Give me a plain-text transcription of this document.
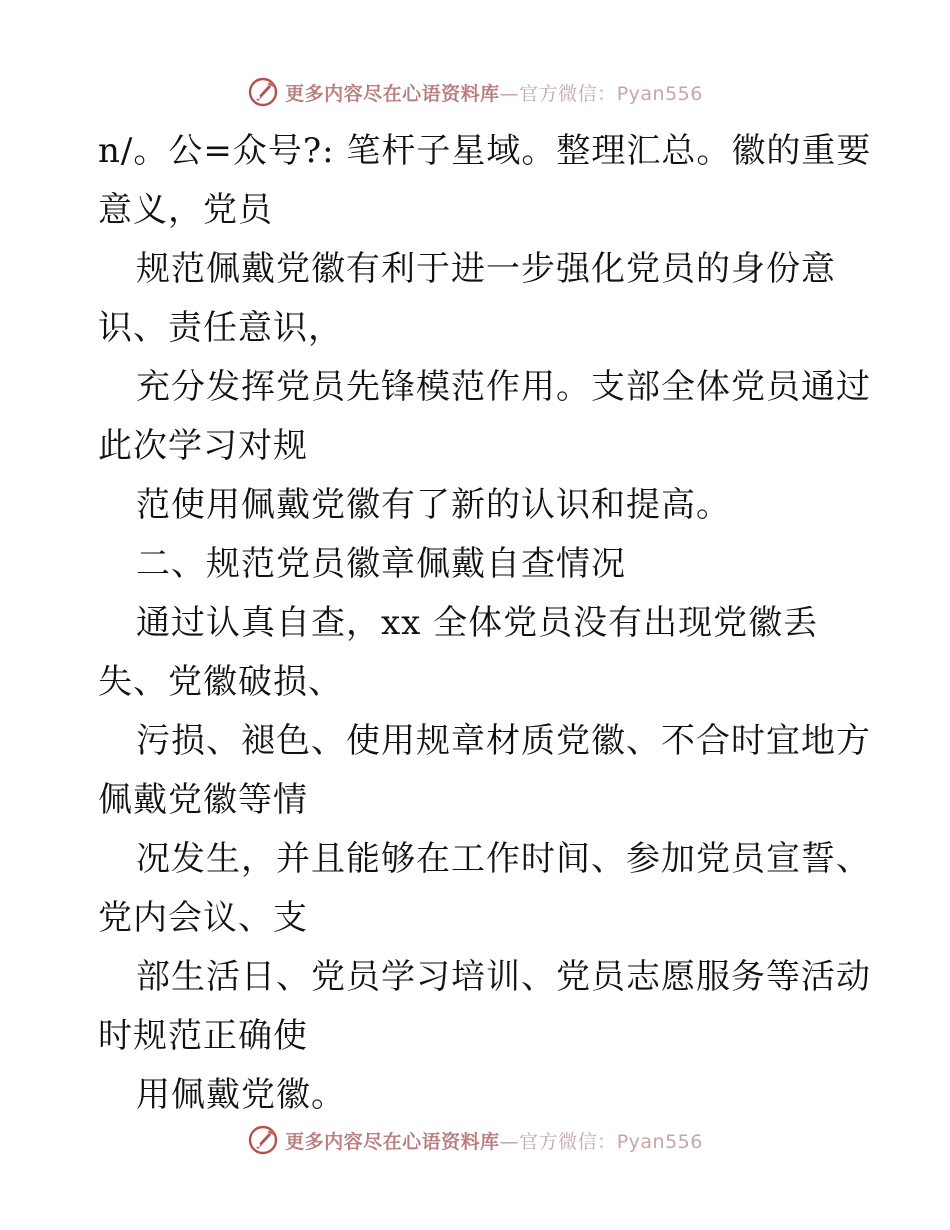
更多内容尽在心语资料库—官方微信：Pyan556
n/。公=众号?: 笔杆子星域。整理汇总。徽的重要
意义，党员
规范佩戴党徽有利于进一步强化党员的身份意
识、责任意识，
充分发挥党员先锋模范作用。支部全体党员通过
此次学习对规
范使用佩戴党徽有了新的认识和提高。
二、规范党员徽章佩戴自查情况
通过认真自查，xx 全体党员没有出现党徽丢
失、党徽破损、
污损、褪色、使用规章材质党徽、不合时宜地方
佩戴党徽等情
况发生，并且能够在工作时间、参加党员宣誓、
党内会议、支
部生活日、党员学习培训、党员志愿服务等活动
时规范正确使
用佩戴党徽。
更多内容尽在心语资料库—官方微信：Pyan556
